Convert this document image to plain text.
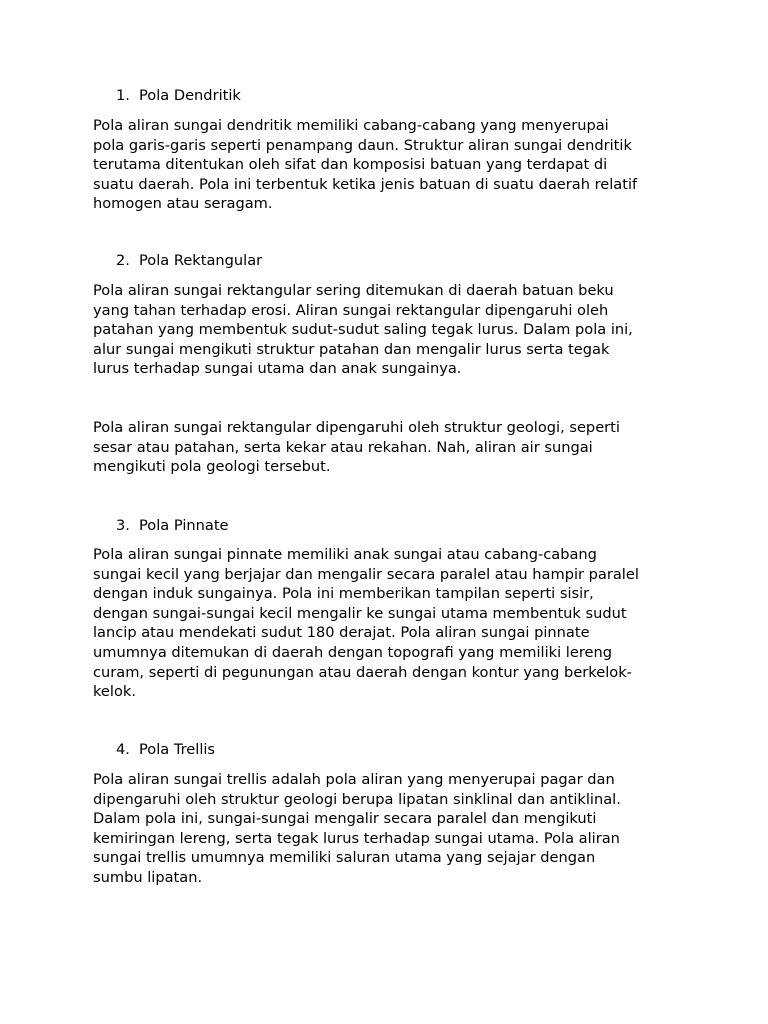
1. Pola Dendritik

Pola aliran sungai dendritik memiliki cabang-cabang yang menyerupai
pola garis-garis seperti penampang daun. Struktur aliran sungai dendritik
terutama ditentukan oleh sifat dan komposisi batuan yang terdapat di
suatu daerah. Pola ini terbentuk ketika jenis batuan di suatu daerah relatif
homogen atau seragam.

2. Pola Rektangular

Pola aliran sungai rektangular sering ditemukan di daerah batuan beku
yang tahan terhadap erosi. Aliran sungai rektangular dipengaruhi oleh
patahan yang membentuk sudut-sudut saling tegak lurus. Dalam pola ini,
alur sungai mengikuti struktur patahan dan mengalir lurus serta tegak
lurus terhadap sungai utama dan anak sungainya.

Pola aliran sungai rektangular dipengaruhi oleh struktur geologi, seperti
sesar atau patahan, serta kekar atau rekahan. Nah, aliran air sungai
mengikuti pola geologi tersebut.

3. Pola Pinnate

Pola aliran sungai pinnate memiliki anak sungai atau cabang-cabang
sungai kecil yang berjajar dan mengalir secara paralel atau hampir paralel
dengan induk sungainya. Pola ini memberikan tampilan seperti sisir,
dengan sungai-sungai kecil mengalir ke sungai utama membentuk sudut
lancip atau mendekati sudut 180 derajat. Pola aliran sungai pinnate
umumnya ditemukan di daerah dengan topografi yang memiliki lereng
curam, seperti di pegunungan atau daerah dengan kontur yang berkelok-
kelok.

4. Pola Trellis

Pola aliran sungai trellis adalah pola aliran yang menyerupai pagar dan
dipengaruhi oleh struktur geologi berupa lipatan sinklinal dan antiklinal.
Dalam pola ini, sungai-sungai mengalir secara paralel dan mengikuti
kemiringan lereng, serta tegak lurus terhadap sungai utama. Pola aliran
sungai trellis umumnya memiliki saluran utama yang sejajar dengan
sumbu lipatan.
